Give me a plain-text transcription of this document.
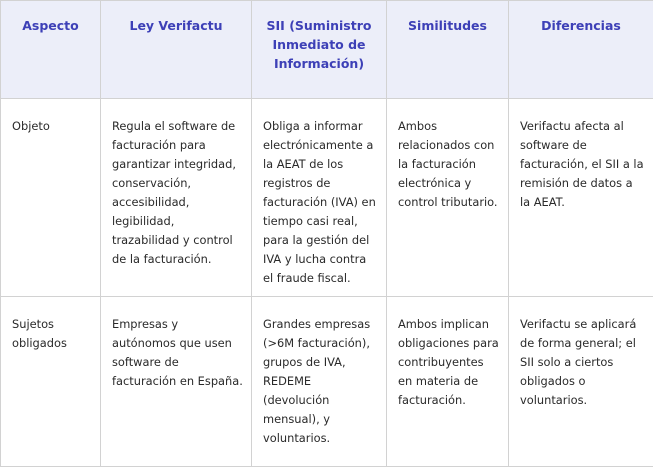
Aspecto	Ley Verifactu	SII (Suministro Inmediato de Información)	Similitudes	Diferencias
Objeto	Regula el software de facturación para garantizar integridad, conservación, accesibilidad, legibilidad, trazabilidad y control de la facturación.	Obliga a informar electrónicamente a la AEAT de los registros de facturación (IVA) en tiempo casi real, para la gestión del IVA y lucha contra el fraude fiscal.	Ambos relacionados con la facturación electrónica y control tributario.	Verifactu afecta al software de facturación, el SII a la remisión de datos a la AEAT.
Sujetos obligados	Empresas y autónomos que usen software de facturación en España.	Grandes empresas (>6M facturación), grupos de IVA, REDEME (devolución mensual), y voluntarios.	Ambos implican obligaciones para contribuyentes en materia de facturación.	Verifactu se aplicará de forma general; el SII solo a ciertos obligados o voluntarios.
